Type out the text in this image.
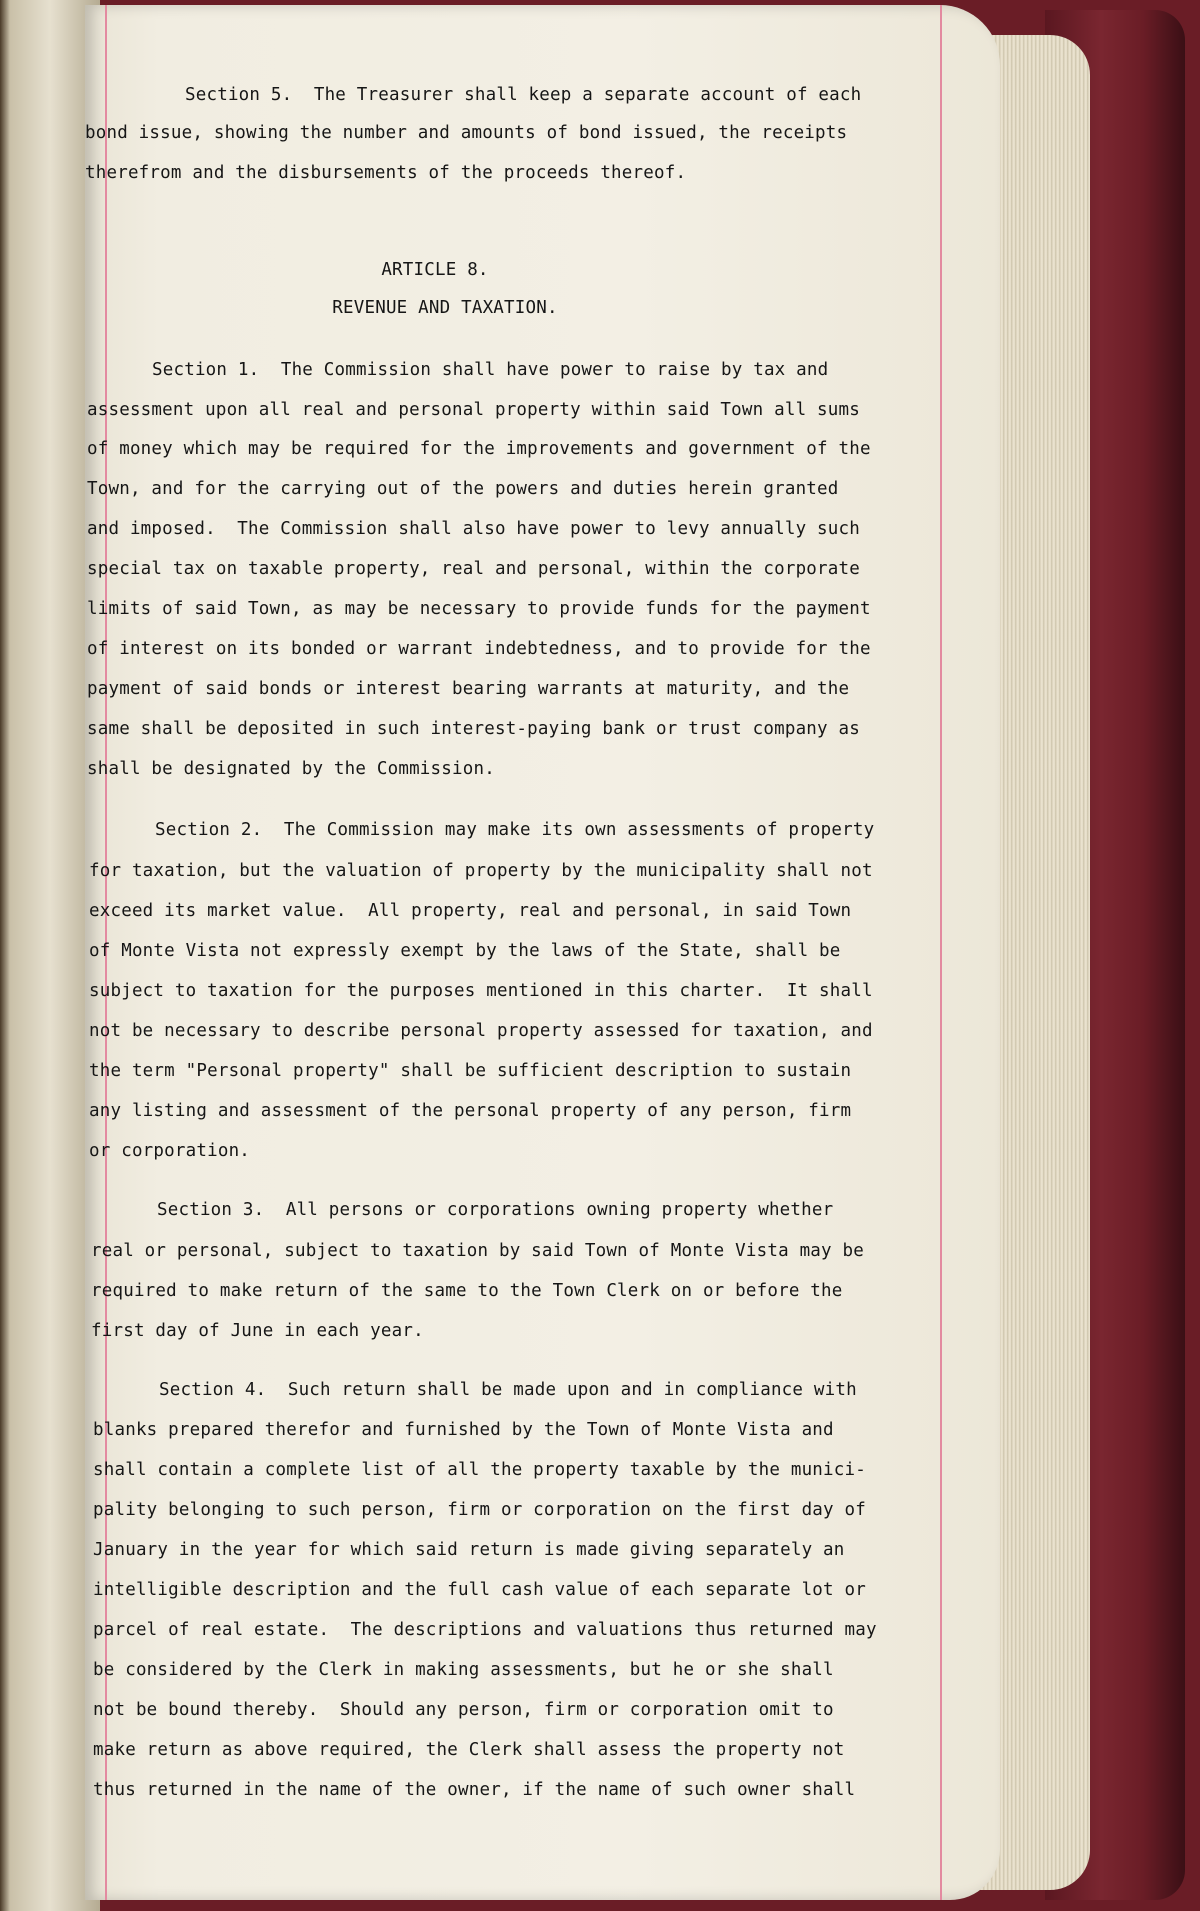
Section 5.  The Treasurer shall keep a separate account of each

bond issue, showing the number and amounts of bond issued, the receipts

therefrom and the disbursements of the proceeds thereof.

ARTICLE 8.

REVENUE AND TAXATION.

Section 1.  The Commission shall have power to raise by tax and

assessment upon all real and personal property within said Town all sums

of money which may be required for the improvements and government of the

Town, and for the carrying out of the powers and duties herein granted

and imposed.  The Commission shall also have power to levy annually such

special tax on taxable property, real and personal, within the corporate

limits of said Town, as may be necessary to provide funds for the payment

of interest on its bonded or warrant indebtedness, and to provide for the

payment of said bonds or interest bearing warrants at maturity, and the

same shall be deposited in such interest-paying bank or trust company as

shall be designated by the Commission.

Section 2.  The Commission may make its own assessments of property

for taxation, but the valuation of property by the municipality shall not

exceed its market value.  All property, real and personal, in said Town

of Monte Vista not expressly exempt by the laws of the State, shall be

subject to taxation for the purposes mentioned in this charter.  It shall

not be necessary to describe personal property assessed for taxation, and

the term "Personal property" shall be sufficient description to sustain

any listing and assessment of the personal property of any person, firm

or corporation.

Section 3.  All persons or corporations owning property whether

real or personal, subject to taxation by said Town of Monte Vista may be

required to make return of the same to the Town Clerk on or before the

first day of June in each year.

Section 4.  Such return shall be made upon and in compliance with

blanks prepared therefor and furnished by the Town of Monte Vista and

shall contain a complete list of all the property taxable by the munici-

pality belonging to such person, firm or corporation on the first day of

January in the year for which said return is made giving separately an

intelligible description and the full cash value of each separate lot or

parcel of real estate.  The descriptions and valuations thus returned may

be considered by the Clerk in making assessments, but he or she shall

not be bound thereby.  Should any person, firm or corporation omit to

make return as above required, the Clerk shall assess the property not

thus returned in the name of the owner, if the name of such owner shall
